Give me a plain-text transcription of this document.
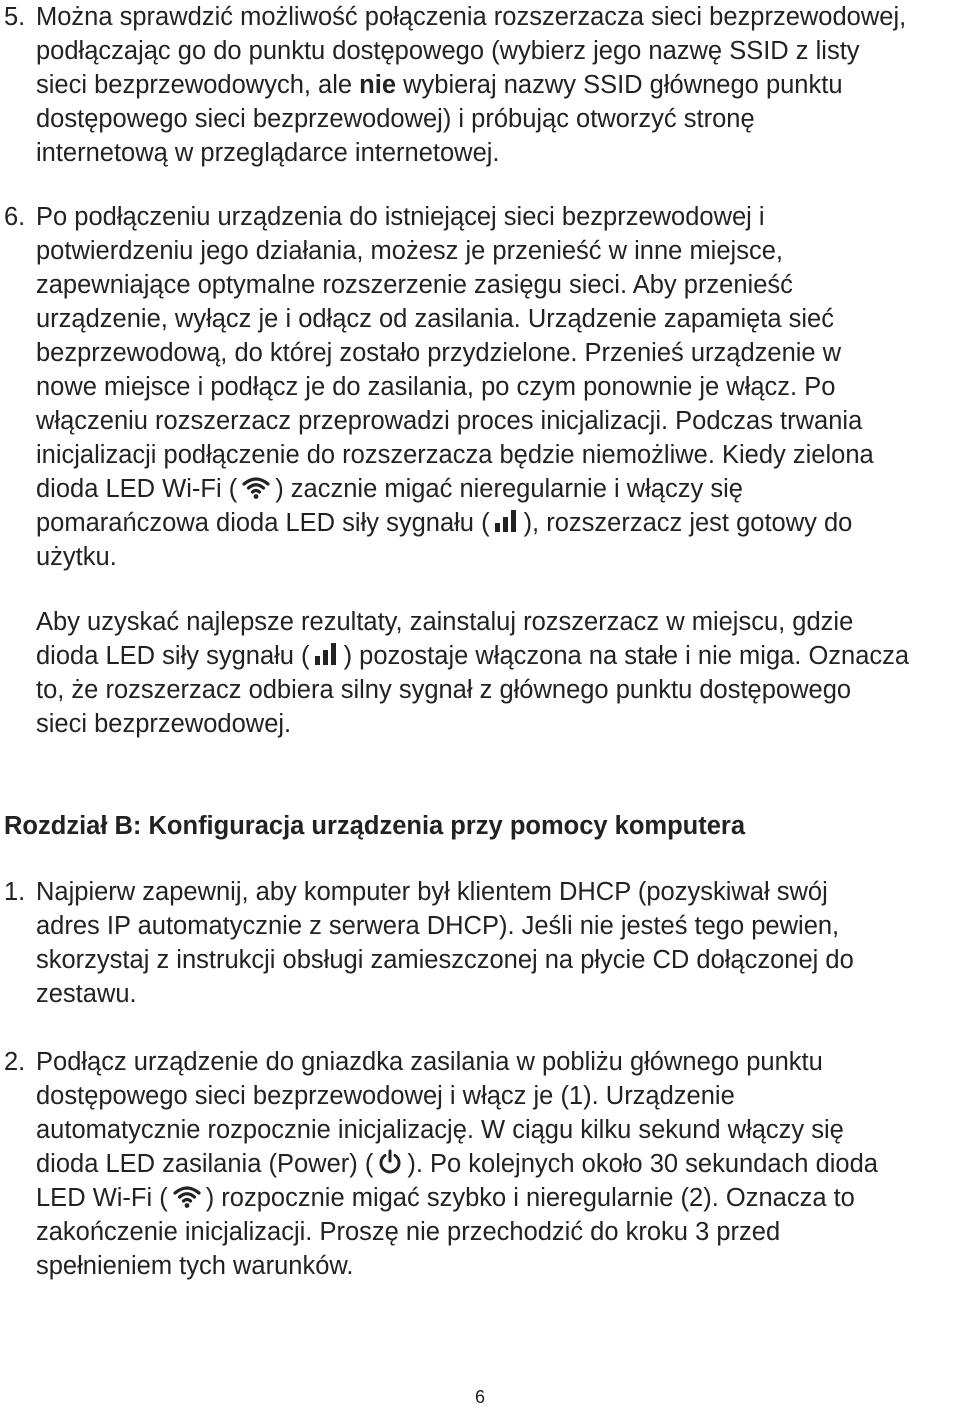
5. Można sprawdzić możliwość połączenia rozszerzacza sieci bezprzewodowej,
podłączając go do punktu dostępowego (wybierz jego nazwę SSID z listy
sieci bezprzewodowych, ale nie wybieraj nazwy SSID głównego punktu
dostępowego sieci bezprzewodowej) i próbując otworzyć stronę
internetową w przeglądarce internetowej.
6. Po podłączeniu urządzenia do istniejącej sieci bezprzewodowej i
potwierdzeniu jego działania, możesz je przenieść w inne miejsce,
zapewniające optymalne rozszerzenie zasięgu sieci. Aby przenieść
urządzenie, wyłącz je i odłącz od zasilania. Urządzenie zapamięta sieć
bezprzewodową, do której zostało przydzielone. Przenieś urządzenie w
nowe miejsce i podłącz je do zasilania, po czym ponownie je włącz. Po
włączeniu rozszerzacz przeprowadzi proces inicjalizacji. Podczas trwania
inicjalizacji podłączenie do rozszerzacza będzie niemożliwe. Kiedy zielona
dioda LED Wi-Fi ( ) zacznie migać nieregularnie i włączy się
pomarańczowa dioda LED siły sygnału ( ), rozszerzacz jest gotowy do
użytku.
Aby uzyskać najlepsze rezultaty, zainstaluj rozszerzacz w miejscu, gdzie
dioda LED siły sygnału ( ) pozostaje włączona na stałe i nie miga. Oznacza
to, że rozszerzacz odbiera silny sygnał z głównego punktu dostępowego
sieci bezprzewodowej.
Rozdział B: Konfiguracja urządzenia przy pomocy komputera
1. Najpierw zapewnij, aby komputer był klientem DHCP (pozyskiwał swój
adres IP automatycznie z serwera DHCP). Jeśli nie jesteś tego pewien,
skorzystaj z instrukcji obsługi zamieszczonej na płycie CD dołączonej do
zestawu.
2. Podłącz urządzenie do gniazdka zasilania w pobliżu głównego punktu
dostępowego sieci bezprzewodowej i włącz je (1). Urządzenie
automatycznie rozpocznie inicjalizację. W ciągu kilku sekund włączy się
dioda LED zasilania (Power) ( ). Po kolejnych około 30 sekundach dioda
LED Wi-Fi ( ) rozpocznie migać szybko i nieregularnie (2). Oznacza to
zakończenie inicjalizacji. Proszę nie przechodzić do kroku 3 przed
spełnieniem tych warunków.
6
